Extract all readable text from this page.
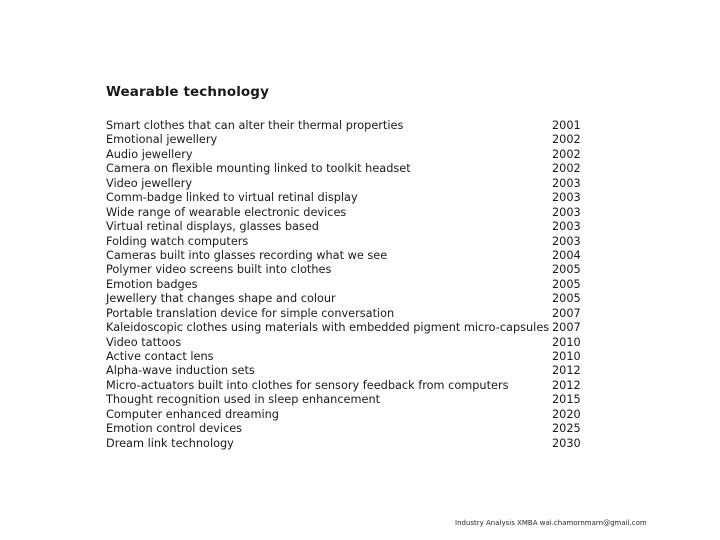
Wearable technology
Smart clothes that can alter their thermal properties	2001
Emotional jewellery	2002
Audio jewellery	2002
Camera on flexible mounting linked to toolkit headset	2002
Video jewellery	2003
Comm-badge linked to virtual retinal display	2003
Wide range of wearable electronic devices	2003
Virtual retinal displays, glasses based	2003
Folding watch computers	2003
Cameras built into glasses recording what we see	2004
Polymer video screens built into clothes	2005
Emotion badges	2005
Jewellery that changes shape and colour	2005
Portable translation device for simple conversation	2007
Kaleidoscopic clothes using materials with embedded pigment micro-capsules 2007
Video tattoos	2010
Active contact lens	2010
Alpha-wave induction sets	2012
Micro-actuators built into clothes for sensory feedback from computers	2012
Thought recognition used in sleep enhancement	2015
Computer enhanced dreaming	2020
Emotion control devices	2025
Dream link technology	2030
Industry Analysis XMBA wai.chamornmarn@gmail.com
